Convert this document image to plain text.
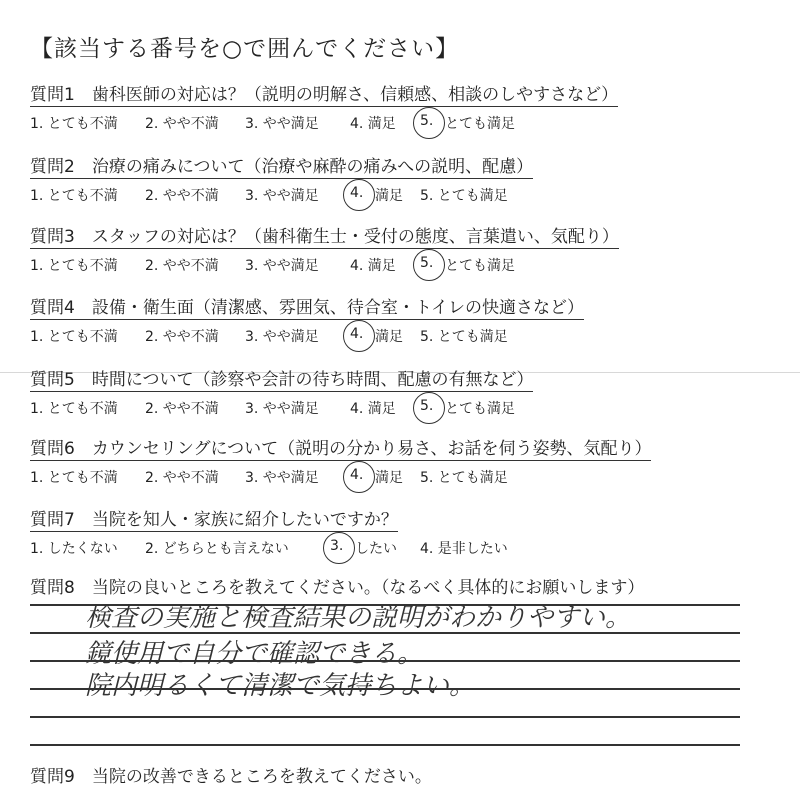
【該当する番号を○で囲んでください】
質問1　歯科医師の対応は？（説明の明解さ、信頼感、相談のしやすさなど）
1. とても不満 2. やや不満 3. やや満足 4. 満足 5. とても満足
質問2　治療の痛みについて（治療や麻酔の痛みへの説明、配慮）
1. とても不満 2. やや不満 3. やや満足 4. 満足 5. とても満足
質問3　スタッフの対応は？（歯科衛生士・受付の態度、言葉遣い、気配り）
1. とても不満 2. やや不満 3. やや満足 4. 満足 5. とても満足
質問4　設備・衛生面（清潔感、雰囲気、待合室・トイレの快適さなど）
1. とても不満 2. やや不満 3. やや満足 4. 満足 5. とても満足
質問5　時間について（診察や会計の待ち時間、配慮の有無など）
1. とても不満 2. やや不満 3. やや満足 4. 満足 5. とても満足
質問6　カウンセリングについて（説明の分かり易さ、お話を伺う姿勢、気配り）
1. とても不満 2. やや不満 3. やや満足 4. 満足 5. とても満足
質問7　当院を知人・家族に紹介したいですか？
1. したくない 2. どちらとも言えない	3. したい 4. 是非したい
質問8　当院の良いところを教えてください。（なるべく具体的にお願いします）
検査の実施と検査結果の説明がわかりやすい。
鏡使用で自分で確認できる。
院内明るくて清潔で気持ちよい。
質問9　当院の改善できるところを教えてください。
